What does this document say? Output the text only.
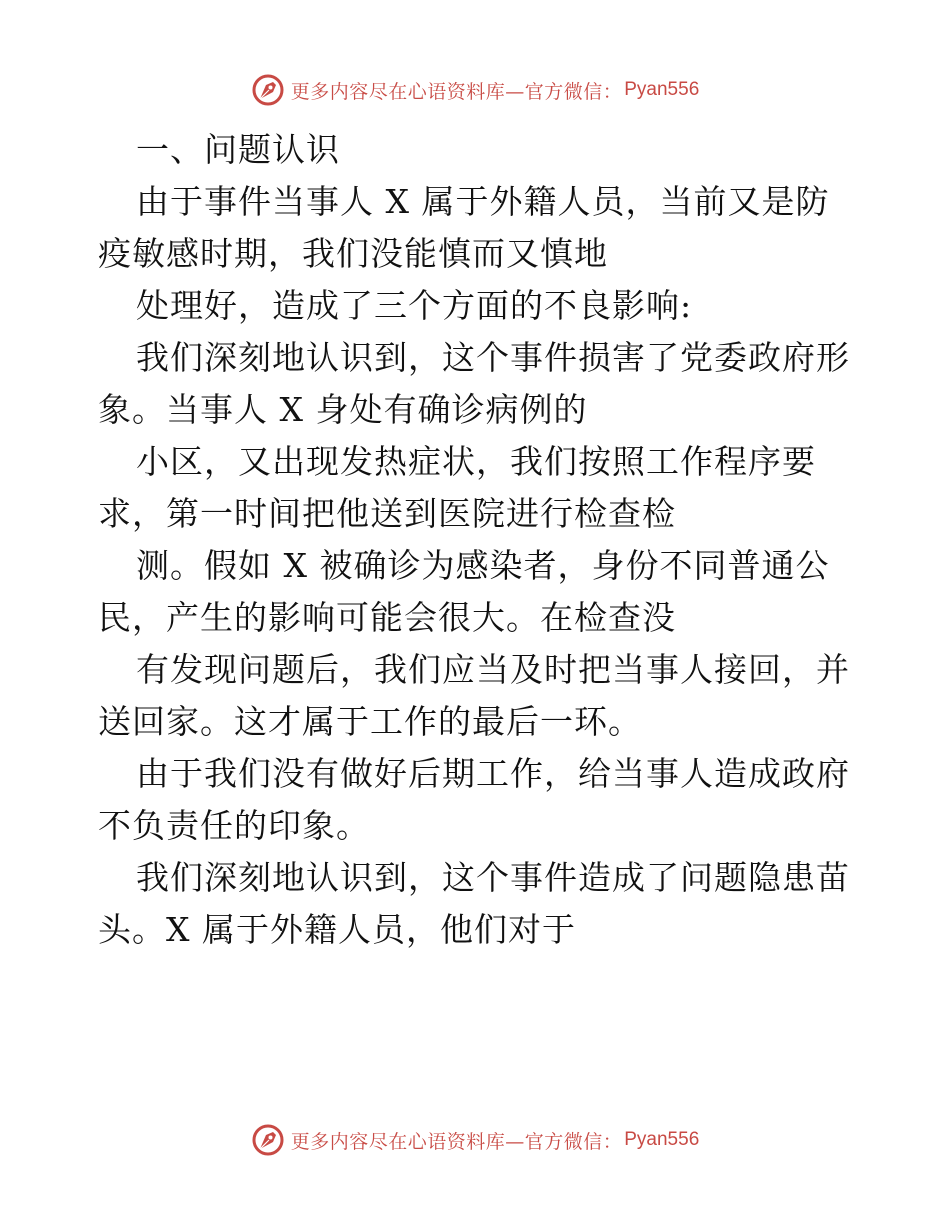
更多内容尽在心语资料库—官方微信： Pyan556
一、问题认识
由于事件当事人 X 属于外籍人员，当前又是防
疫敏感时期，我们没能慎而又慎地
处理好，造成了三个方面的不良影响:
我们深刻地认识到，这个事件损害了党委政府形
象。当事人 X 身处有确诊病例的
小区，又出现发热症状，我们按照工作程序要
求，第一时间把他送到医院进行检查检
测。假如 X 被确诊为感染者，身份不同普通公
民，产生的影响可能会很大。在检查没
有发现问题后，我们应当及时把当事人接回，并
送回家。这才属于工作的最后一环。
由于我们没有做好后期工作，给当事人造成政府
不负责任的印象。
我们深刻地认识到，这个事件造成了问题隐患苗
头。X 属于外籍人员，他们对于
更多内容尽在心语资料库—官方微信： Pyan556
